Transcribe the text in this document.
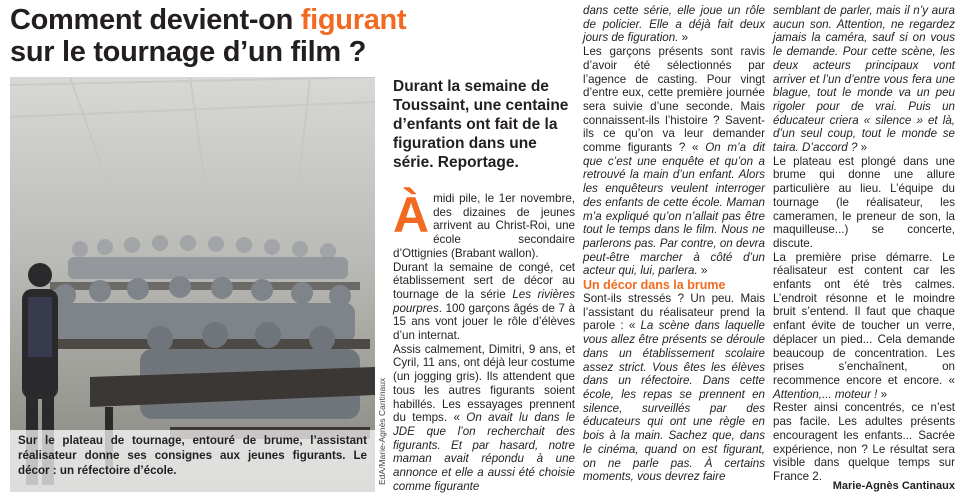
Comment devient-on figurant
sur le tournage d’un film ?
Sur le plateau de tournage, entouré de brume, l’assistant réalisateur donne ses consignes aux jeunes figurants. Le décor : un réfectoire d’école.	EdA/Marie-Agnès Cantinaux
Durant la semaine de Toussaint, une centaine d’enfants ont fait de la figuration dans une série. Reportage.

Àmidi pile, le 1er novembre, des dizaines de jeunes arrivent au Christ-Roi, une école secondaire d’Ottignies (Brabant wallon).

Durant la semaine de congé, cet établissement sert de décor au tournage de la série Les rivières pourpres. 100 garçons âgés de 7 à 15 ans vont jouer le rôle d’élèves d’un internat.

Assis calmement, Dimitri, 9 ans, et Cyril, 11 ans, ont déjà leur costume (un jogging gris). Ils attendent que tous les autres figurants soient habillés. Les essayages prennent du temps. « On avait lu dans le JDE que l’on recherchait des figurants. Et par hasard, notre maman avait répondu à une annonce et elle a aussi été choisie comme figurante

dans cette série, elle joue un rôle de policier. Elle a déjà fait deux jours de figuration. »

Les garçons présents sont ravis d’avoir été sélectionnés par l’agence de casting. Pour vingt d’entre eux, cette première journée sera suivie d’une seconde. Mais connaissent-ils l’histoire ? Savent-ils ce qu’on va leur demander comme figurants ? « On m’a dit que c’est une enquête et qu’on a retrouvé la main d’un enfant. Alors les enquêteurs veulent interroger des enfants de cette école. Maman m’a expliqué qu’on n’allait pas être tout le temps dans le film. Nous ne parlerons pas. Par contre, on devra peut-être marcher à côté d’un acteur qui, lui, parlera. »

Un décor dans la brume

Sont-ils stressés ? Un peu. Mais l’assistant du réalisateur prend la parole : « La scène dans laquelle vous allez être présents se déroule dans un établissement scolaire assez strict. Vous êtes les élèves dans un réfectoire. Dans cette école, les repas se prennent en silence, surveillés par des éducateurs qui ont une règle en bois à la main. Sachez que, dans le cinéma, quand on est figurant, on ne parle pas. À certains moments, vous devrez faire

semblant de parler, mais il n’y aura aucun son. Attention, ne regardez jamais la caméra, sauf si on vous le demande. Pour cette scène, les deux acteurs principaux vont arriver et l’un d’entre vous fera une blague, tout le monde va un peu rigoler pour de vrai. Puis un éducateur criera « silence » et là, d’un seul coup, tout le monde se taira. D’accord ? »

Le plateau est plongé dans une brume qui donne une allure particulière au lieu. L’équipe du tournage (le réalisateur, les cameramen, le preneur de son, la maquilleuse...) se concerte, discute.

La première prise démarre. Le réalisateur est content car les enfants ont été très calmes. L’endroit résonne et le moindre bruit s’entend. Il faut que chaque enfant évite de toucher un verre, déplacer un pied... Cela demande beaucoup de concentration. Les prises s’enchaînent, on recommence encore et encore. « Attention,... moteur ! »

Rester ainsi concentrés, ce n’est pas facile. Les adultes présents encouragent les enfants... Sacrée expérience, non ? Le résultat sera visible dans quelque temps sur France 2.

Marie-Agnès Cantinaux
